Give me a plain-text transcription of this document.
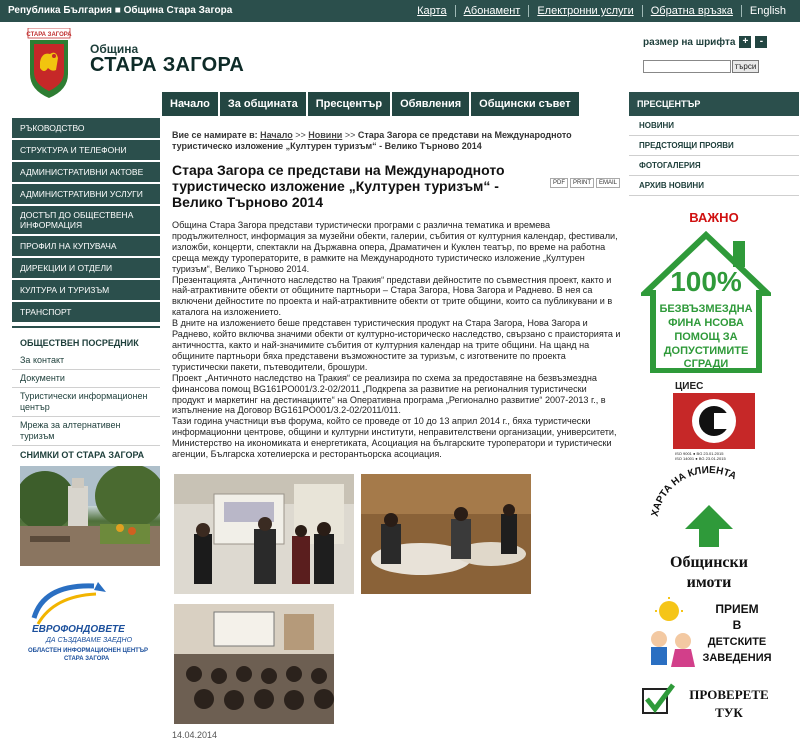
Република България ■ Община Стара Загора	Карта	Абонамент	Електронни услуги	Обратна връзка	English
СТАРА ЗАГОРА
Община
СТАРА ЗАГОРА
размер на шрифта +	-
търси
Начало	За общината	Пресцентър	Обявления	Общински съвет
РЪКОВОДСТВО
СТРУКТУРА И ТЕЛЕФОНИ
АДМИНИСТРАТИВНИ АКТОВЕ
АДМИНИСТРАТИВНИ УСЛУГИ
ДОСТЪП ДО ОБЩЕСТВЕНА ИНФОРМАЦИЯ
ПРОФИЛ НА КУПУВАЧА
ДИРЕКЦИИ И ОТДЕЛИ
КУЛТУРА И ТУРИЗЪМ
ТРАНСПОРТ
ОБЩЕСТВЕН ПОСРЕДНИК
За контакт
Документи
Туристически информационен център
Мрежа за алтернативен туризъм
СНИМКИ ОТ СТАРА ЗАГОРА
ЕВРОФОНДОВЕТЕ
ДА СЪЗДАВАМЕ ЗАЕДНО
ОБЛАСТЕН ИНФОРМАЦИОНЕН ЦЕНТЪР
СТАРА ЗАГОРА
Вие се намирате в: Начало >> Новини >> Стара Загора се представи на Международното туристическо изложение „Културен туризъм“ - Велико Търново 2014
Стара Загора се представи на Международното туристическо изложение „Културен туризъм“ - Велико Търново 2014
PDF	PRINT	EMAIL

Община Стара Загора представи туристически програми с различна тематика и времева продължителност, информация за музейни обекти, галерии, събития от културния календар, фестивали, изложби, концерти, спектакли на Държавна опера, Драматичен и Куклен театър, по време на работна среща между туроператорите, в рамките на Международното туристическо изложение „Културен туризъм“, Велико Търново 2014.

Презентацията „Античното наследство на Тракия“ представи дейностите по съвместния проект, както и най-атрактивните обекти от общините партньори – Стара Загора, Нова Загора и Раднево. В нея са включени дейностите по проекта и най-атрактивните обекти от трите общини, които са публикувани и в каталога на изложението.

В дните на изложението беше представен туристическия продукт на Стара Загора, Нова Загора и Раднево, който включва значими обекти от културно-историческо наследство, свързано с праисторията и античността, както и най-значимите събития от културния календар на трите общини. На щанд на общините партньори бяха представени възможностите за туризъм, с изготвените по проекта туристически пакети, пътеводители, брошури.

Проект „Античното наследство на Тракия“ се реализира по схема за предоставяне на безвъзмездна финансова помощ BG161PO001/3.2-02/2011 „Подкрепа за развитие на регионалния туристически продукт и маркетинг на дестинациите“ на Оперативна програма „Регионално развитие“ 2007-2013 г., в изпълнение на Договор BG161PO001/3.2-02/2011/011.

Тази година участници във форума, който се проведе от 10 до 13 април 2014 г., бяха туристически информационни центрове, общини и културни институти, неправителствени организации, университети, Министерство на икономиката и енергетиката, Асоциация на българските туроператори и туристически агенции, Българска хотелиерска и ресторантьорска асоциация.

14.04.2014
ПРЕСЦЕНТЪР
НОВИНИ
ПРЕДСТОЯЩИ ПРОЯВИ
ФОТОГАЛЕРИЯ
АРХИВ НОВИНИ
ВАЖНО
100%
БЕЗВЪЗМЕЗДНА
ФИНА НСОВА
ПОМОЩ ЗА
ДОПУСТИМИТЕ
СГРАДИ
ЦИЕС
ISO 9001 ● BG 23.01.2015
ISO 14001 ● BG 23.01.2015
ХАРТА НА КЛИЕНТА
Общински
имоти
ПРИЕМ
В
ДЕТСКИТЕ
ЗАВЕДЕНИЯ
ПРОВЕРЕТЕ
ТУК
